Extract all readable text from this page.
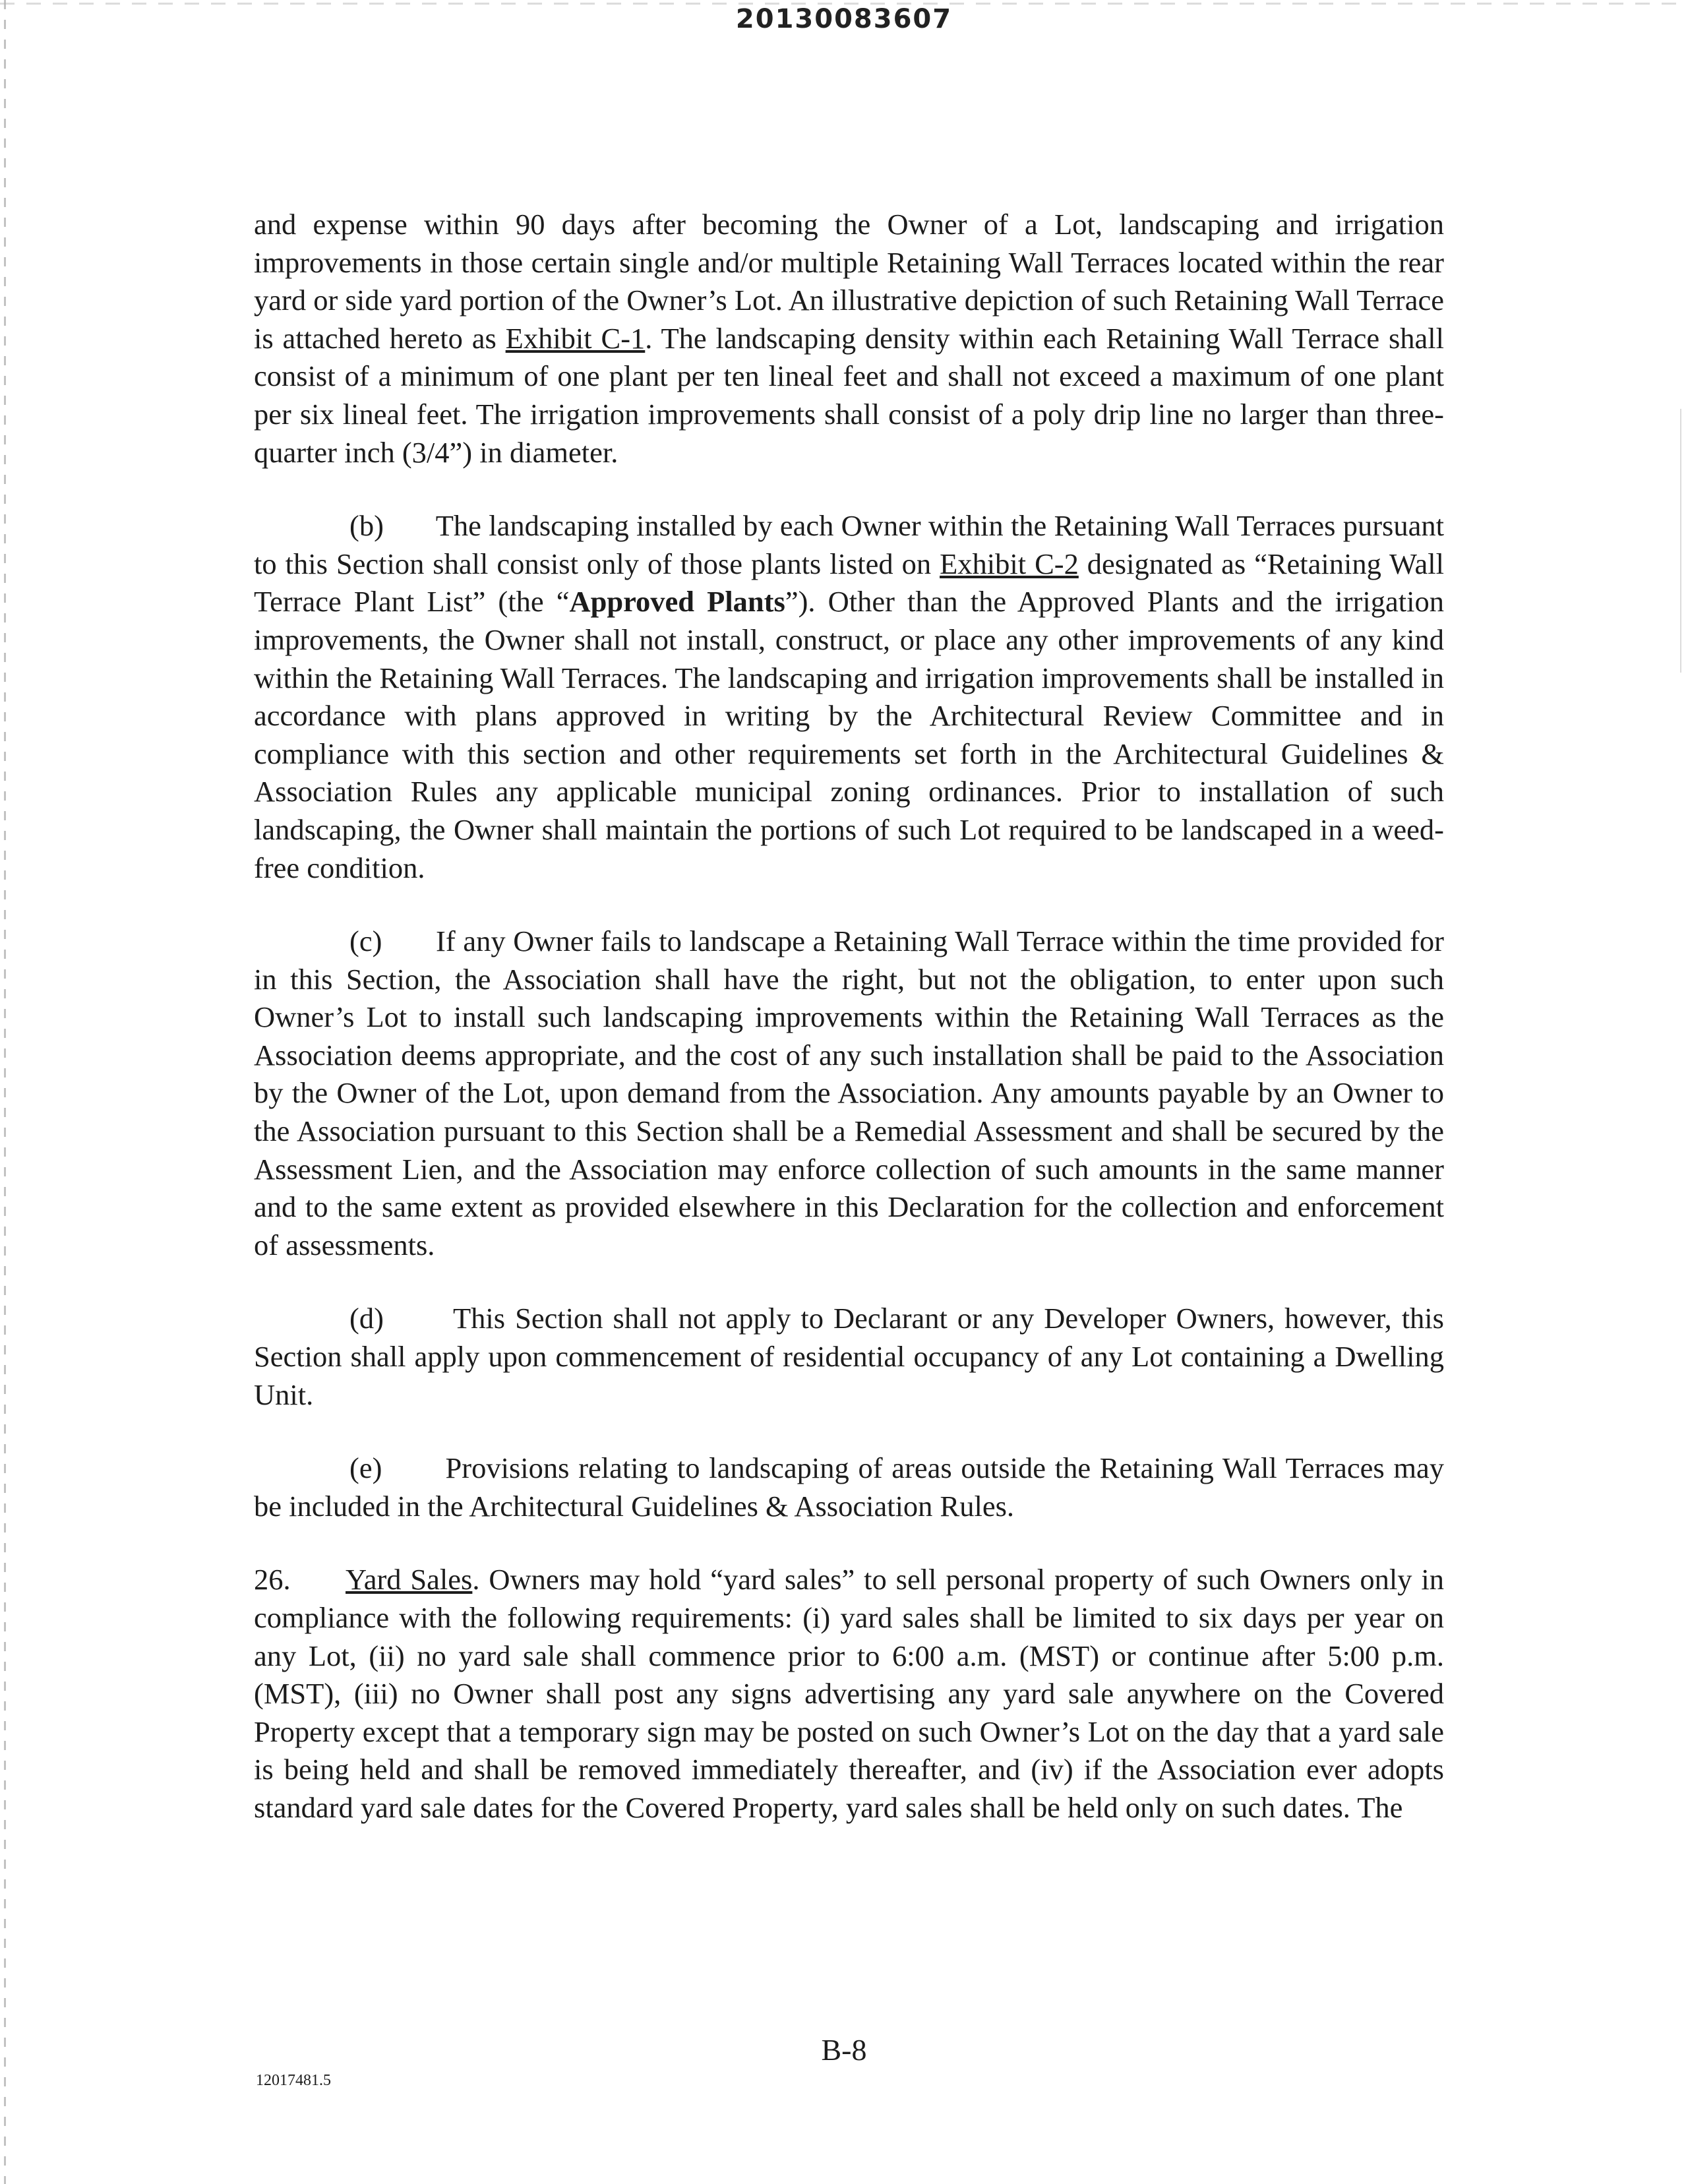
20130083607

and expense within 90 days after becoming the Owner of a Lot, landscaping and irrigation improvements in those certain single and/or multiple Retaining Wall Terraces located within the rear yard or side yard portion of the Owner’s Lot. An illustrative depiction of such Retaining Wall Terrace is attached hereto as Exhibit C-1. The landscaping density within each Retaining Wall Terrace shall consist of a minimum of one plant per ten lineal feet and shall not exceed a maximum of one plant per six lineal feet. The irrigation improvements shall consist of a poly drip line no larger than three-quarter inch (3/4”) in diameter.

(b) The landscaping installed by each Owner within the Retaining Wall Terraces pursuant to this Section shall consist only of those plants listed on Exhibit C-2 designated as “Retaining Wall Terrace Plant List” (the “Approved Plants”). Other than the Approved Plants and the irrigation improvements, the Owner shall not install, construct, or place any other improvements of any kind within the Retaining Wall Terraces. The landscaping and irrigation improvements shall be installed in accordance with plans approved in writing by the Architectural Review Committee and in compliance with this section and other requirements set forth in the Architectural Guidelines & Association Rules any applicable municipal zoning ordinances. Prior to installation of such landscaping, the Owner shall maintain the portions of such Lot required to be landscaped in a weed-free condition.

(c) If any Owner fails to landscape a Retaining Wall Terrace within the time provided for in this Section, the Association shall have the right, but not the obligation, to enter upon such Owner’s Lot to install such landscaping improvements within the Retaining Wall Terraces as the Association deems appropriate, and the cost of any such installation shall be paid to the Association by the Owner of the Lot, upon demand from the Association. Any amounts payable by an Owner to the Association pursuant to this Section shall be a Remedial Assessment and shall be secured by the Assessment Lien, and the Association may enforce collection of such amounts in the same manner and to the same extent as provided elsewhere in this Declaration for the collection and enforcement of assessments.

(d) This Section shall not apply to Declarant or any Developer Owners, however, this Section shall apply upon commencement of residential occupancy of any Lot containing a Dwelling Unit.

(e) Provisions relating to landscaping of areas outside the Retaining Wall Terraces may be included in the Architectural Guidelines & Association Rules.

26. Yard Sales. Owners may hold “yard sales” to sell personal property of such Owners only in compliance with the following requirements: (i) yard sales shall be limited to six days per year on any Lot, (ii) no yard sale shall commence prior to 6:00 a.m. (MST) or continue after 5:00 p.m. (MST), (iii) no Owner shall post any signs advertising any yard sale anywhere on the Covered Property except that a temporary sign may be posted on such Owner’s Lot on the day that a yard sale is being held and shall be removed immediately thereafter, and (iv) if the Association ever adopts standard yard sale dates for the Covered Property, yard sales shall be held only on such dates. The

B-8
12017481.5
